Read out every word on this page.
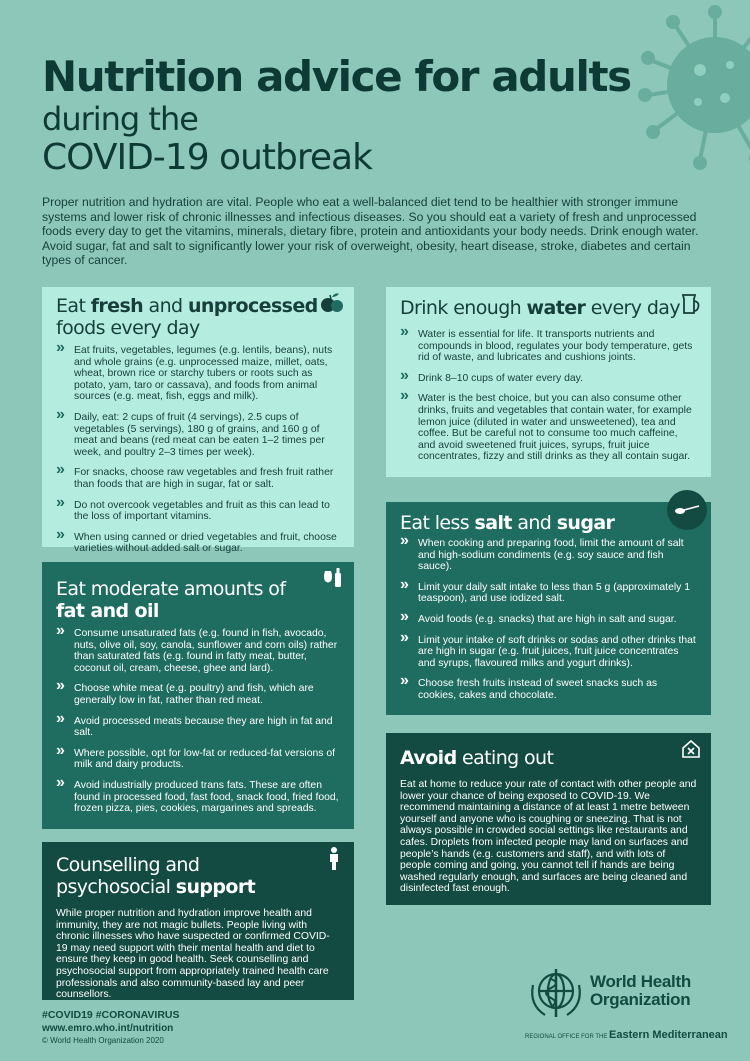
Nutrition advice for adults
during the
COVID-19 outbreak

Proper nutrition and hydration are vital. People who eat a well-balanced diet tend to be healthier with stronger immune systems and lower risk of chronic illnesses and infectious diseases. So you should eat a variety of fresh and unprocessed foods every day to get the vitamins, minerals, dietary fibre, protein and antioxidants your body needs. Drink enough water. Avoid sugar, fat and salt to significantly lower your risk of overweight, obesity, heart disease, stroke, diabetes and certain types of cancer.

Eat fresh and unprocessed
foods every day
» Eat fruits, vegetables, legumes (e.g. lentils, beans), nuts and whole grains (e.g. unprocessed maize, millet, oats, wheat, brown rice or starchy tubers or roots such as potato, yam, taro or cassava), and foods from animal sources (e.g. meat, fish, eggs and milk).
» Daily, eat: 2 cups of fruit (4 servings), 2.5 cups of vegetables (5 servings), 180 g of grains, and 160 g of meat and beans (red meat can be eaten 1–2 times per week, and poultry 2–3 times per week).
» For snacks, choose raw vegetables and fresh fruit rather than foods that are high in sugar, fat or salt.
» Do not overcook vegetables and fruit as this can lead to the loss of important vitamins.
» When using canned or dried vegetables and fruit, choose varieties without added salt or sugar.
Drink enough water every day
» Water is essential for life. It transports nutrients and compounds in blood, regulates your body temperature, gets rid of waste, and lubricates and cushions joints.
» Drink 8–10 cups of water every day.
» Water is the best choice, but you can also consume other drinks, fruits and vegetables that contain water, for example lemon juice (diluted in water and unsweetened), tea and coffee. But be careful not to consume too much caffeine, and avoid sweetened fruit juices, syrups, fruit juice concentrates, fizzy and still drinks as they all contain sugar.
Eat less salt and sugar
» When cooking and preparing food, limit the amount of salt and high-sodium condiments (e.g. soy sauce and fish sauce).
» Limit your daily salt intake to less than 5 g (approximately 1 teaspoon), and use iodized salt.
» Avoid foods (e.g. snacks) that are high in salt and sugar.
» Limit your intake of soft drinks or sodas and other drinks that are high in sugar (e.g. fruit juices, fruit juice concentrates and syrups, flavoured milks and yogurt drinks).
» Choose fresh fruits instead of sweet snacks such as cookies, cakes and chocolate.
Eat moderate amounts of
fat and oil
» Consume unsaturated fats (e.g. found in fish, avocado, nuts, olive oil, soy, canola, sunflower and corn oils) rather than saturated fats (e.g. found in fatty meat, butter, coconut oil, cream, cheese, ghee and lard).
» Choose white meat (e.g. poultry) and fish, which are generally low in fat, rather than red meat.
» Avoid processed meats because they are high in fat and salt.
» Where possible, opt for low-fat or reduced-fat versions of milk and dairy products.
» Avoid industrially produced trans fats. These are often found in processed food, fast food, snack food, fried food, frozen pizza, pies, cookies, margarines and spreads.
Avoid eating out

Eat at home to reduce your rate of contact with other people and lower your chance of being exposed to COVID-19. We recommend maintaining a distance of at least 1 metre between yourself and anyone who is coughing or sneezing. That is not always possible in crowded social settings like restaurants and cafes. Droplets from infected people may land on surfaces and people’s hands (e.g. customers and staff), and with lots of people coming and going, you cannot tell if hands are being washed regularly enough, and surfaces are being cleaned and disinfected fast enough.

Counselling and
psychosocial support

While proper nutrition and hydration improve health and immunity, they are not magic bullets. People living with chronic illnesses who have suspected or confirmed COVID-19 may need support with their mental health and diet to ensure they keep in good health. Seek counselling and psychosocial support from appropriately trained health care professionals and also community-based lay and peer counsellors.

#COVID19 #CORONAVIRUS
www.emro.who.int/nutrition
© World Health Organization 2020
World Health
Organization
REGIONAL OFFICE FOR THE Eastern Mediterranean
